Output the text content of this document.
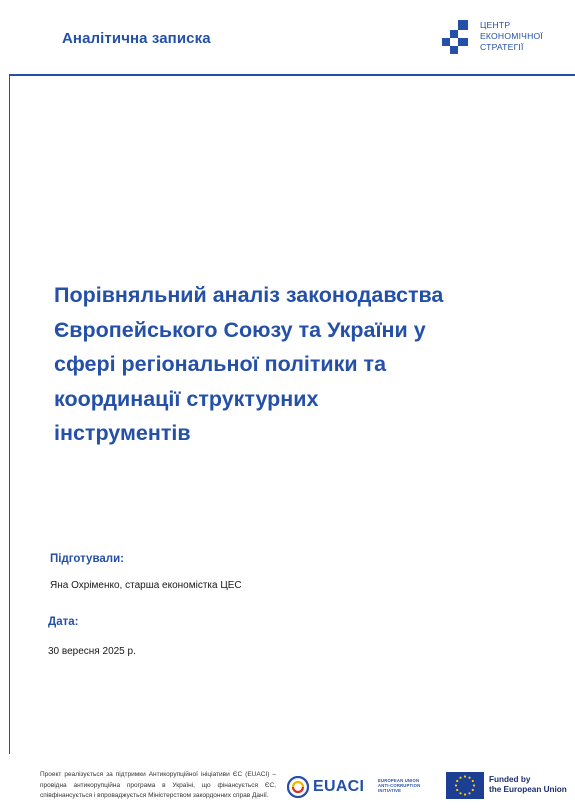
Аналітична записка
ЦЕНТР
ЕКОНОМІЧНОЇ
СТРАТЕГІЇ
Порівняльний аналіз законодавства
Європейського Союзу та України у
сфері регіональної політики та
координації структурних
інструментів
Підготували:
Яна Охріменко, старша економістка ЦЕС
Дата:
30 вересня 2025 р.
Проект реалізується за підтримки Антикорупційної ініціативи ЄС (EUACI) – провідна антикорупційна програма в Україні, що фінансується ЄС, співфінансується і впроваджується Міністерством закордонних справ Данії.
EUACI	EUROPEAN UNION
ANTI-CORRUPTION
INITIATIVE
Funded by
the European Union
